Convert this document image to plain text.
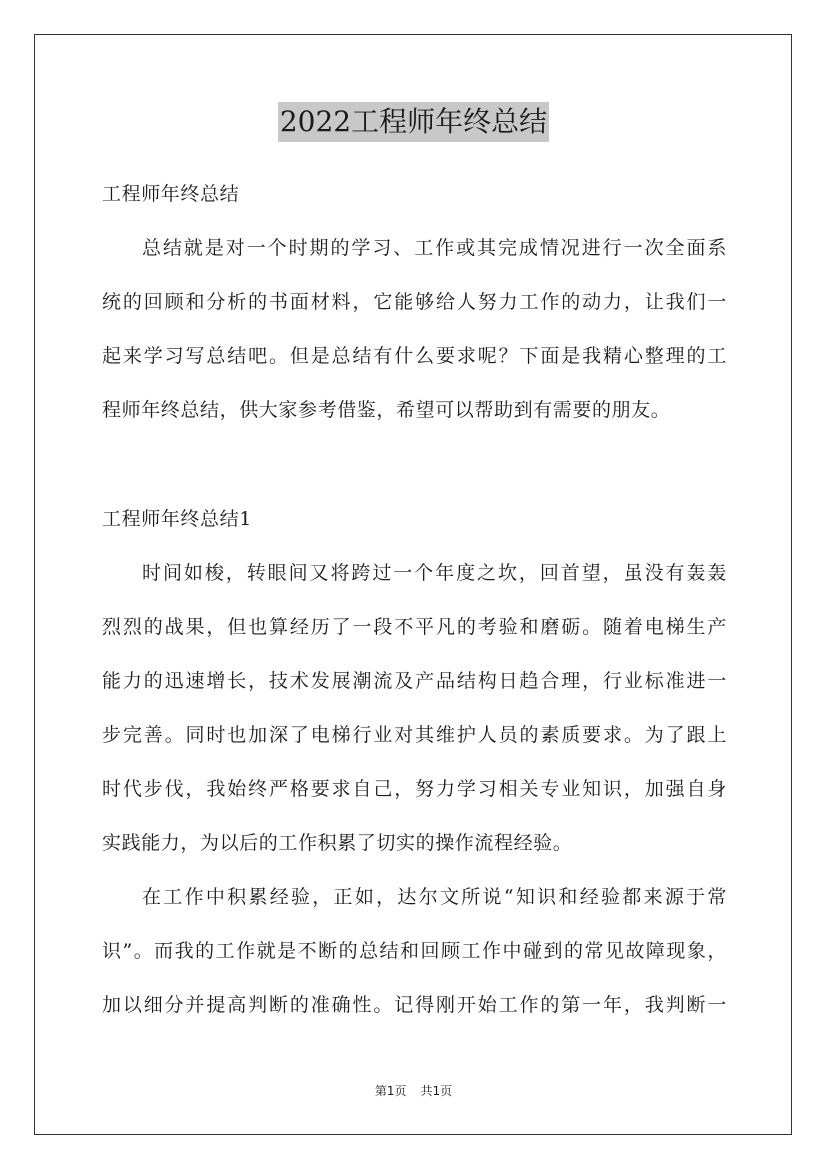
2022工程师年终总结
工程师年终总结
总结就是对一个时期的学习、工作或其完成情况进行一次全面系
统的回顾和分析的书面材料，它能够给人努力工作的动力，让我们一
起来学习写总结吧。但是总结有什么要求呢？下面是我精心整理的工
程师年终总结，供大家参考借鉴，希望可以帮助到有需要的朋友。
工程师年终总结1
时间如梭，转眼间又将跨过一个年度之坎，回首望，虽没有轰轰
烈烈的战果，但也算经历了一段不平凡的考验和磨砺。随着电梯生产
能力的迅速增长，技术发展潮流及产品结构日趋合理，行业标准进一
步完善。同时也加深了电梯行业对其维护人员的素质要求。为了跟上
时代步伐，我始终严格要求自己，努力学习相关专业知识，加强自身
实践能力，为以后的工作积累了切实的操作流程经验。
在工作中积累经验，正如，达尔文所说“知识和经验都来源于常
识”。而我的工作就是不断的总结和回顾工作中碰到的常见故障现象，
加以细分并提高判断的准确性。记得刚开始工作的第一年，我判断一
第1页 共1页
